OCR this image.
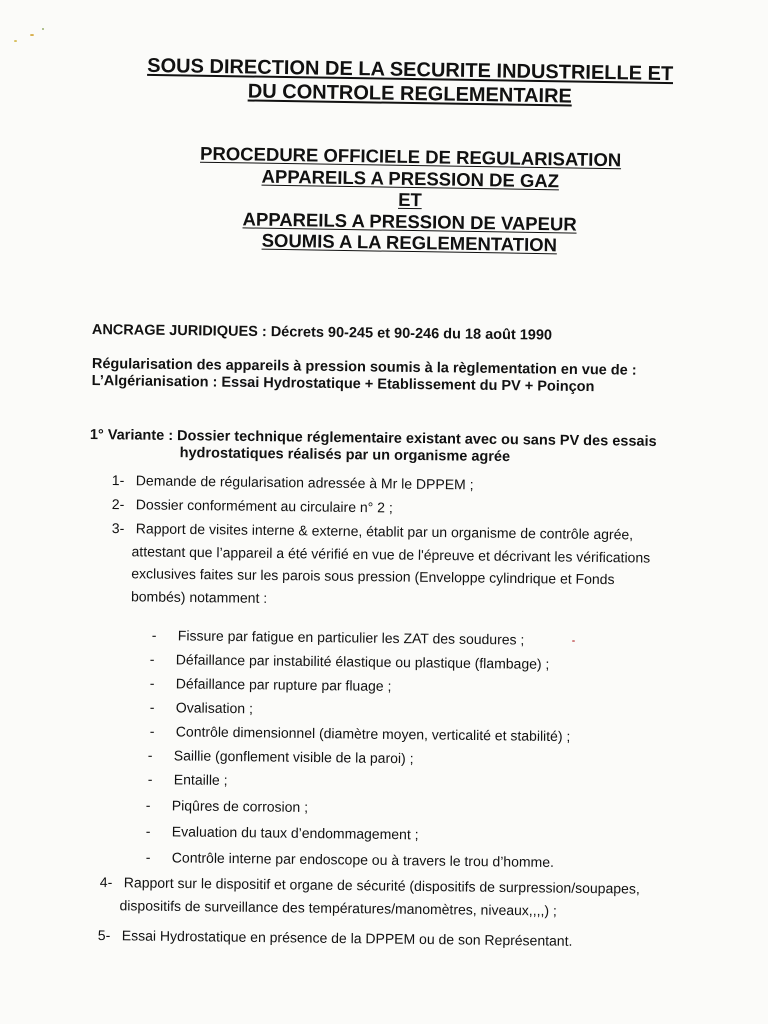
SOUS DIRECTION DE LA SECURITE INDUSTRIELLE ET
DU CONTROLE REGLEMENTAIRE
PROCEDURE OFFICIELE DE REGULARISATION
APPAREILS A PRESSION DE GAZ
ET
APPAREILS A PRESSION DE VAPEUR
SOUMIS A LA REGLEMENTATION
ANCRAGE JURIDIQUES : Décrets 90-245 et 90-246 du 18 août 1990
Régularisation des appareils à pression soumis à la règlementation en vue de :
L’Algérianisation : Essai Hydrostatique + Etablissement du PV + Poinçon
1° Variante : Dossier technique réglementaire existant avec ou sans PV des essais
hydrostatiques réalisés par un organisme agrée
1- Demande de régularisation adressée à Mr le DPPEM ;
2- Dossier conformément au circulaire n° 2 ;
3- Rapport de visites interne & externe, établit par un organisme de contrôle agrée,
attestant que l’appareil a été vérifié en vue de l'épreuve et décrivant les vérifications
exclusives faites sur les parois sous pression (Enveloppe cylindrique et Fonds
bombés) notamment :
- Fissure par fatigue en particulier les ZAT des soudures ;
- Défaillance par instabilité élastique ou plastique (flambage) ;
- Défaillance par rupture par fluage ;
- Ovalisation ;
- Contrôle dimensionnel (diamètre moyen, verticalité et stabilité) ;
- Saillie (gonflement visible de la paroi) ;
- Entaille ;
- Piqûres de corrosion ;
- Evaluation du taux d’endommagement ;
- Contrôle interne par endoscope ou à travers le trou d’homme.
4- Rapport sur le dispositif et organe de sécurité (dispositifs de surpression/soupapes,
dispositifs de surveillance des températures/manomètres, niveaux,,,,) ;
5- Essai Hydrostatique en présence de la DPPEM ou de son Représentant.
